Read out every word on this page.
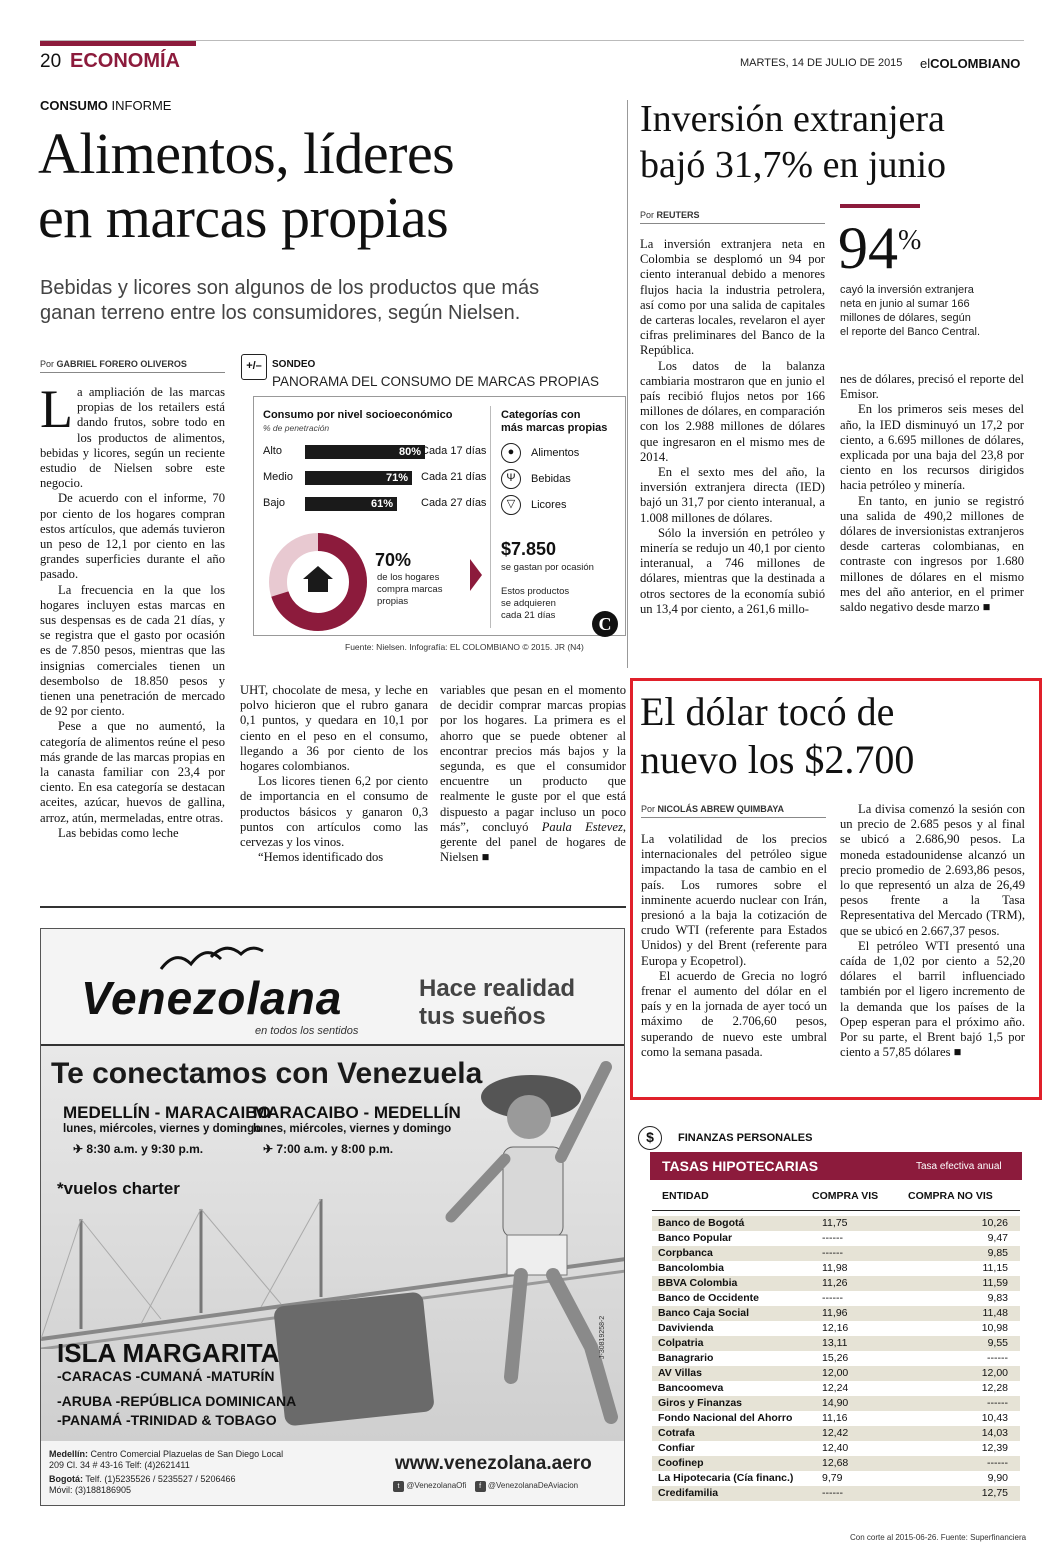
20 ECONOMÍA	MARTES, 14 DE JULIO DE 2015 elCOLOMBIANO
CONSUMO INFORME
Alimentos, líderes
en marcas propias
Bebidas y licores son algunos de los productos que más
ganan terreno entre los consumidores, según Nielsen.
Por GABRIEL FORERO OLIVEROS
L a ampliación de las marcas propias de los retailers está dando frutos, sobre todo en los productos de alimentos, bebidas y licores, según un reciente estudio de Nielsen sobre este negocio.

De acuerdo con el informe, 70 por ciento de los hogares compran estos artículos, que además tuvieron un peso de 12,1 por ciento en las grandes superficies durante el año pasado.

La frecuencia en la que los hogares incluyen estas marcas en sus despensas es de cada 21 días, y se registra que el gasto por ocasión es de 7.850 pesos, mientras que las insignias comerciales tienen un desembolso de 18.850 pesos y tienen una penetración de mercado de 92 por ciento.

Pese a que no aumentó, la categoría de alimentos reúne el peso más grande de las marcas propias en la canasta familiar con 23,4 por ciento. En esa categoría se destacan aceites, azúcar, huevos de gallina, arroz, atún, mermeladas, entre otras.

Las bebidas como leche

+/–	SONDEO
PANORAMA DEL CONSUMO DE MARCAS PROPIAS
Consumo por nivel socioeconómico
% de penetración
Alto	80% Cada 17 días
Medio	71%	Cada 21 días
Bajo	61%	Cada 27 días
Categorías con
más marcas propias
●	Alimentos
Ψ	Bebidas
▽	Licores
70%
de los hogares
compra marcas
propias
$7.850
se gastan por ocasión
Estos productos
se adquieren
cada 21 días	C
Fuente: Nielsen. Infografía: EL COLOMBIANO © 2015. JR (N4)

UHT, chocolate de mesa, y leche en polvo hicieron que el rubro ganara 0,1 puntos, y quedara en 10,1 por ciento en el peso en el consumo, llegando a 36 por ciento de los hogares colombianos.

Los licores tienen 6,2 por ciento de importancia en el consumo de productos básicos y ganaron 0,3 puntos con artículos como las cervezas y los vinos.

“Hemos identificado dos

variables que pesan en el momento de decidir comprar marcas propias por los hogares. La primera es el ahorro que se puede obtener al encontrar precios más bajos y la segunda, es que el consumidor encuentre un producto que realmente le guste por el que está dispuesto a pagar incluso un poco más”, concluyó Paula Estevez, gerente del panel de hogares de Nielsen ■

Inversión extranjera
bajó 31,7% en junio
Por REUTERS 94%
cayó la inversión extranjera
neta en junio al sumar 166
millones de dólares, según
el reporte del Banco Central.

La inversión extranjera neta en Colombia se desplomó un 94 por ciento interanual debido a menores flujos hacia la industria petrolera, así como por una salida de capitales de carteras locales, revelaron el ayer cifras preliminares del Banco de la República.

Los datos de la balanza cambiaria mostraron que en junio el país recibió flujos netos por 166 millones de dólares, en comparación con los 2.988 millones de dólares que ingresaron en el mismo mes de 2014.

En el sexto mes del año, la inversión extranjera directa (IED) bajó un 31,7 por ciento interanual, a 1.008 millones de dólares.

Sólo la inversión en petróleo y minería se redujo un 40,1 por ciento interanual, a 746 millones de dólares, mientras que la destinada a otros sectores de la economía subió un 13,4 por ciento, a 261,6 millo-

nes de dólares, precisó el reporte del Emisor.

En los primeros seis meses del año, la IED disminuyó un 17,2 por ciento, a 6.695 millones de dólares, explicada por una baja del 23,8 por ciento en los recursos dirigidos hacia petróleo y minería.

En tanto, en junio se registró una salida de 490,2 millones de dólares de inversionistas extranjeros desde carteras colombianas, en contraste con ingresos por 1.680 millones de dólares en el mismo mes del año anterior, en el primer saldo negativo desde marzo ■

El dólar tocó de
nuevo los $2.700
Por NICOLÁS ABREW QUIMBAYA

La volatilidad de los precios internacionales del petróleo sigue impactando la tasa de cambio en el país. Los rumores sobre el inminente acuerdo nuclear con Irán, presionó a la baja la cotización de crudo WTI (referente para Estados Unidos) y del Brent (referente para Europa y Ecopetrol).

El acuerdo de Grecia no logró frenar el aumento del dólar en el país y en la jornada de ayer tocó un máximo de 2.706,60 pesos, superando de nuevo este umbral como la semana pasada.

La divisa comenzó la sesión con un precio de 2.685 pesos y al final se ubicó a 2.686,90 pesos. La moneda estadounidense alcanzó un precio promedio de 2.693,86 pesos, lo que representó un alza de 26,49 pesos frente a la Tasa Representativa del Mercado (TRM), que se ubicó en 2.667,37 pesos.

El petróleo WTI presentó una caída de 1,02 por ciento a 52,20 dólares el barril influenciado también por el ligero incremento de la demanda que los países de la Opep esperan para el próximo año. Por su parte, el Brent bajó 1,5 por ciento a 57,85 dólares ■

$	FINANZAS PERSONALES
TASAS HIPOTECARIAS	Tasa efectiva anual
ENTIDAD	COMPRA VIS	COMPRA NO VIS
Banco de Bogotá	11,75	10,26
Banco Popular	------	9,47
Corpbanca	------	9,85
Bancolombia	11,98	11,15
BBVA Colombia	11,26	11,59
Banco de Occidente	------	9,83
Banco Caja Social	11,96	11,48
Davivienda	12,16	10,98
Colpatria	13,11	9,55
Banagrario	15,26	------
AV Villas	12,00	12,00
Bancoomeva	12,24	12,28
Giros y Finanzas	14,90	------
Fondo Nacional del Ahorro	11,16	10,43
Cotrafa	12,42	14,03
Confiar	12,40	12,39
Coofinep	12,68	------
La Hipotecaria (Cía financ.)	9,79	9,90
Credifamilia	------	12,75
Con corte al 2015-06-26. Fuente: Superfinanciera
Venezolana
en todos los sentidos
Hace realidad
tus sueños
Te conectamos con Venezuela
MEDELLÍN - MARACAIBO
lunes, miércoles, viernes y domingo
✈ 8:30 a.m. y 9:30 p.m.
MARACAIBO - MEDELLÍN
lunes, miércoles, viernes y domingo
✈ 7:00 a.m. y 8:00 p.m.
*vuelos charter
ISLA MARGARITA
-CARACAS -CUMANÁ -MATURÍN
-ARUBA -REPÚBLICA DOMINICANA
-PANAMÁ -TRINIDAD & TOBAGO
J-30819258-2
Medellín: Centro Comercial Plazuelas de San Diego Local
209 Cl. 34 # 43-16 Telf: (4)2621411
Bogotá: Telf. (1)5235526 / 5235527 / 5206466
Móvil: (3)188186905
www.venezolana.aero
t @VenezolanaOfi f @VenezolanaDeAviacion
